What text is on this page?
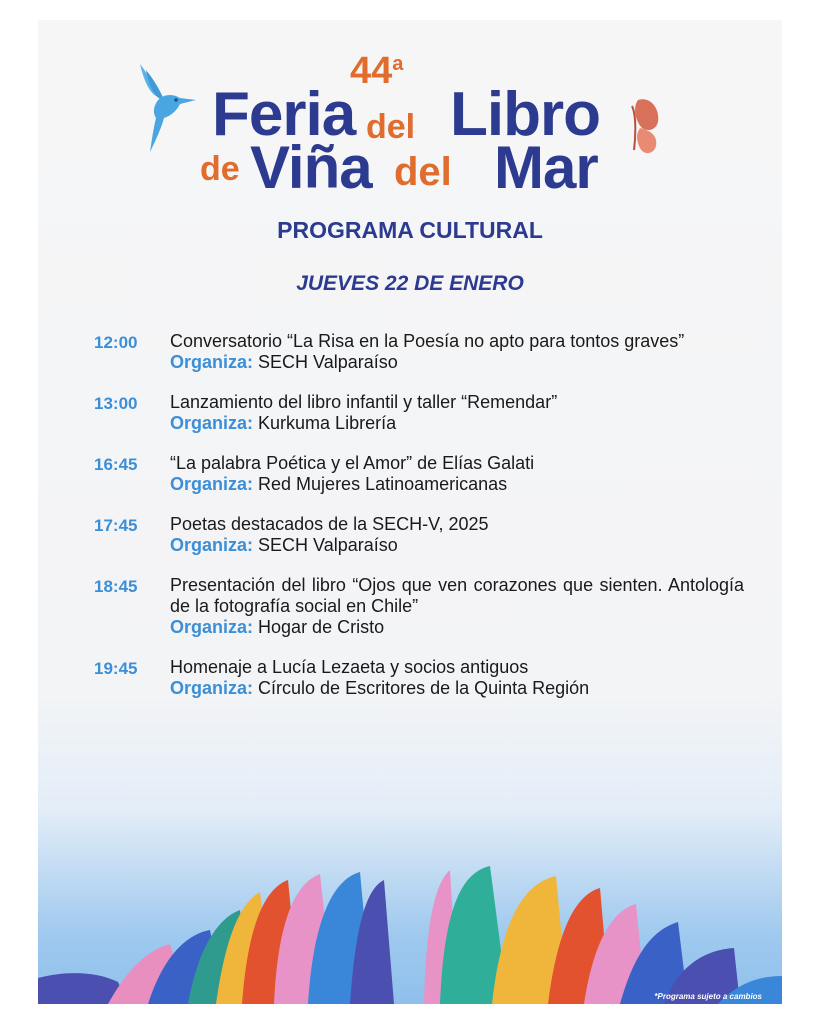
44$^a$
Feria del Libro
de Viña del Mar
PROGRAMA CULTURAL
JUEVES 22 DE ENERO
12:00	Conversatorio “La Risa en la Poesía no apto para tontos graves”
Organiza: SECH Valparaíso
13:00	Lanzamiento del libro infantil y taller “Remendar”
Organiza: Kurkuma Librería
16:45	“La palabra Poética y el Amor” de Elías Galati
Organiza: Red Mujeres Latinoamericanas
17:45	Poetas destacados de la SECH-V, 2025
Organiza: SECH Valparaíso
18:45	Presentación del libro “Ojos que ven corazones que sienten. Antología de la fotografía social en Chile”
Organiza: Hogar de Cristo
19:45	Homenaje a Lucía Lezaeta y socios antiguos
Organiza: Círculo de Escritores de la Quinta Región
*Programa sujeto a cambios
